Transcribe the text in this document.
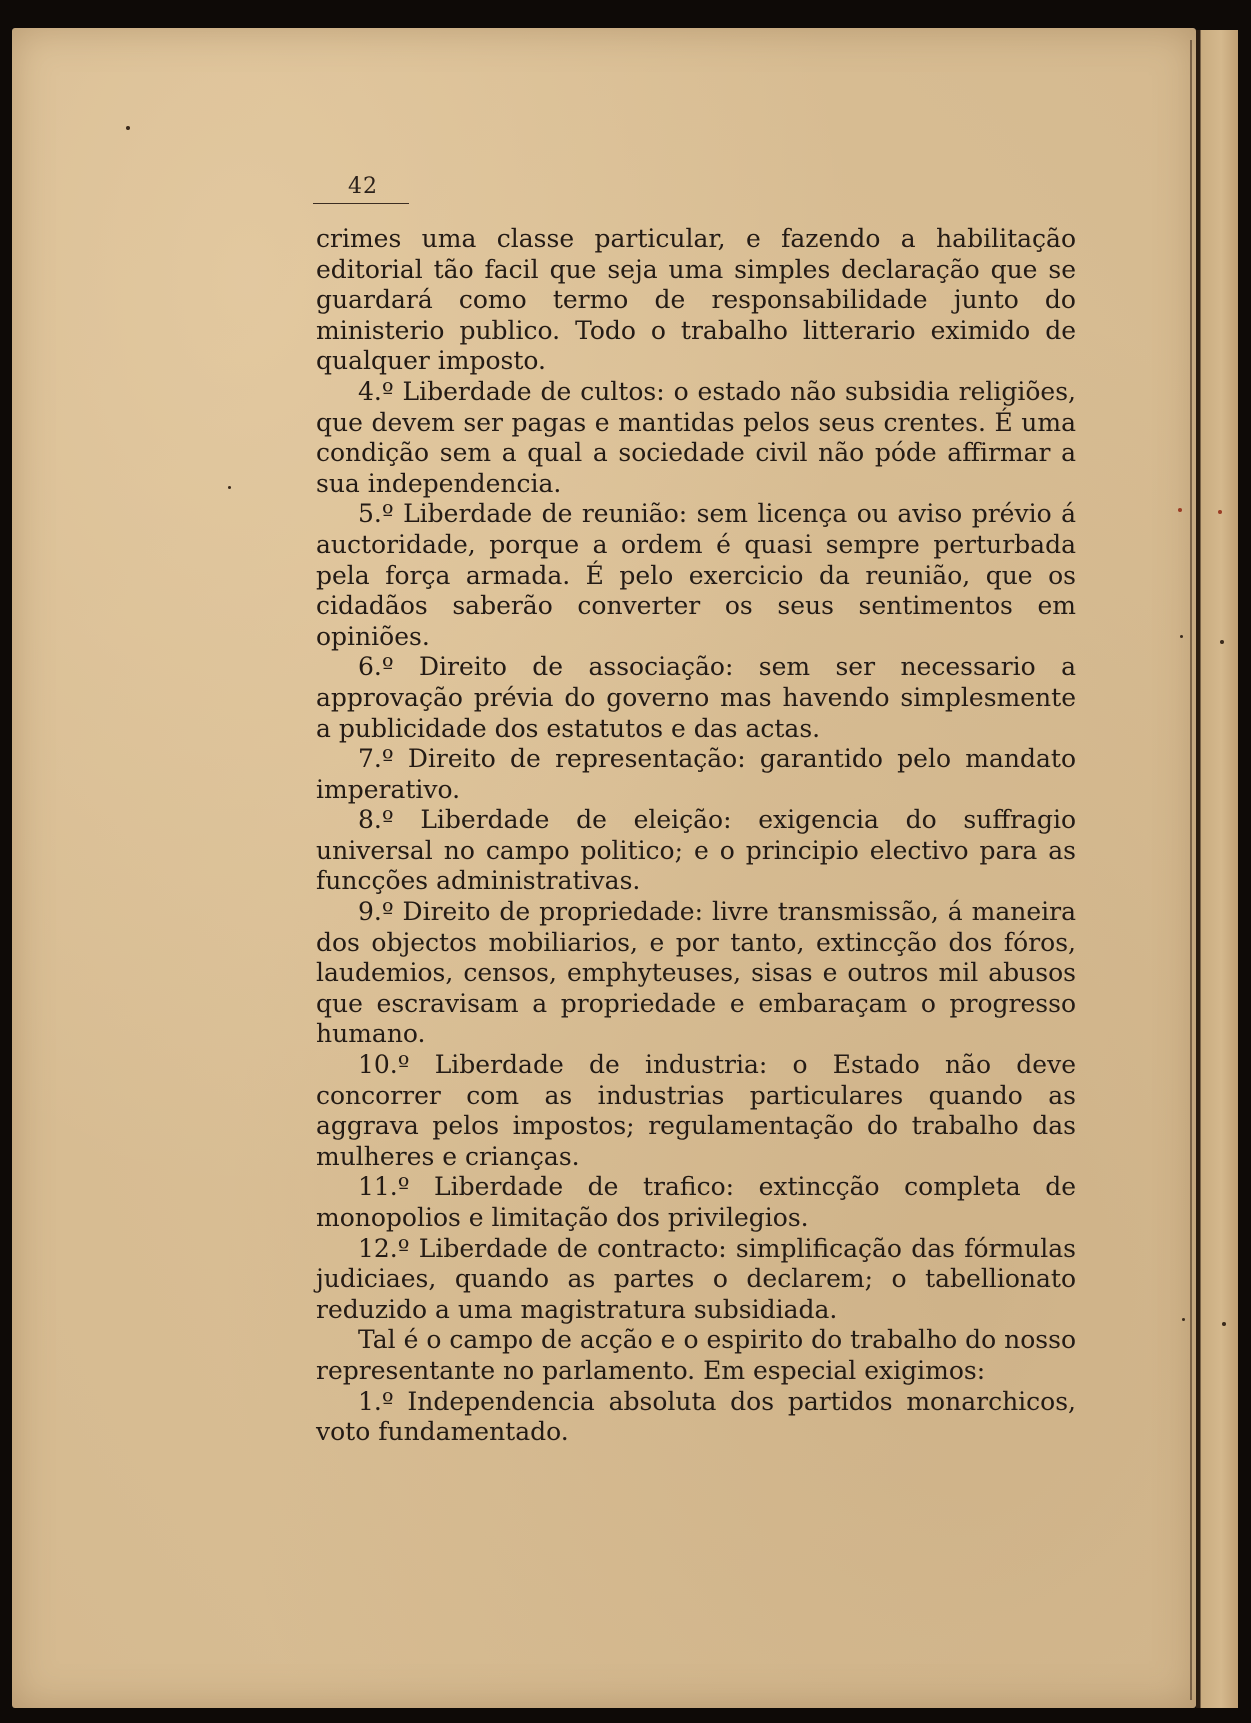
42

crimes uma classe particular, e fazendo a habilitação editorial tão facil que seja uma simples declaração que se guardará como termo de responsabilidade junto do ministerio publico. Todo o trabalho litterario eximido de qualquer imposto.

4.º Liberdade de cultos: o estado não subsidia religiões, que devem ser pagas e mantidas pelos seus crentes. É uma condição sem a qual a sociedade civil não póde affirmar a sua independencia.

5.º Liberdade de reunião: sem licença ou aviso prévio á auctoridade, porque a ordem é quasi sempre perturbada pela força armada. É pelo exercicio da reunião, que os cidadãos saberão converter os seus sentimentos em opiniões.

6.º Direito de associação: sem ser necessario a approvação prévia do governo mas havendo simplesmente a publicidade dos estatutos e das actas.

7.º Direito de representação: garantido pelo mandato imperativo.

8.º Liberdade de eleição: exigencia do suffragio universal no campo politico; e o principio electivo para as funcções administrativas.

9.º Direito de propriedade: livre transmissão, á maneira dos objectos mobiliarios, e por tanto, extincção dos fóros, laudemios, censos, emphyteuses, sisas e outros mil abusos que escravisam a propriedade e embaraçam o progresso humano.

10.º Liberdade de industria: o Estado não deve concorrer com as industrias particulares quando as aggrava pelos impostos; regulamentação do trabalho das mulheres e crianças.

11.º Liberdade de trafico: extincção completa de monopolios e limitação dos privilegios.

12.º Liberdade de contracto: simplificação das fórmulas judiciaes, quando as partes o declarem; o tabellionato reduzido a uma magistratura subsidiada.

Tal é o campo de acção e o espirito do trabalho do nosso representante no parlamento. Em especial exigimos:

1.º Independencia absoluta dos partidos monarchicos, voto fundamentado.
